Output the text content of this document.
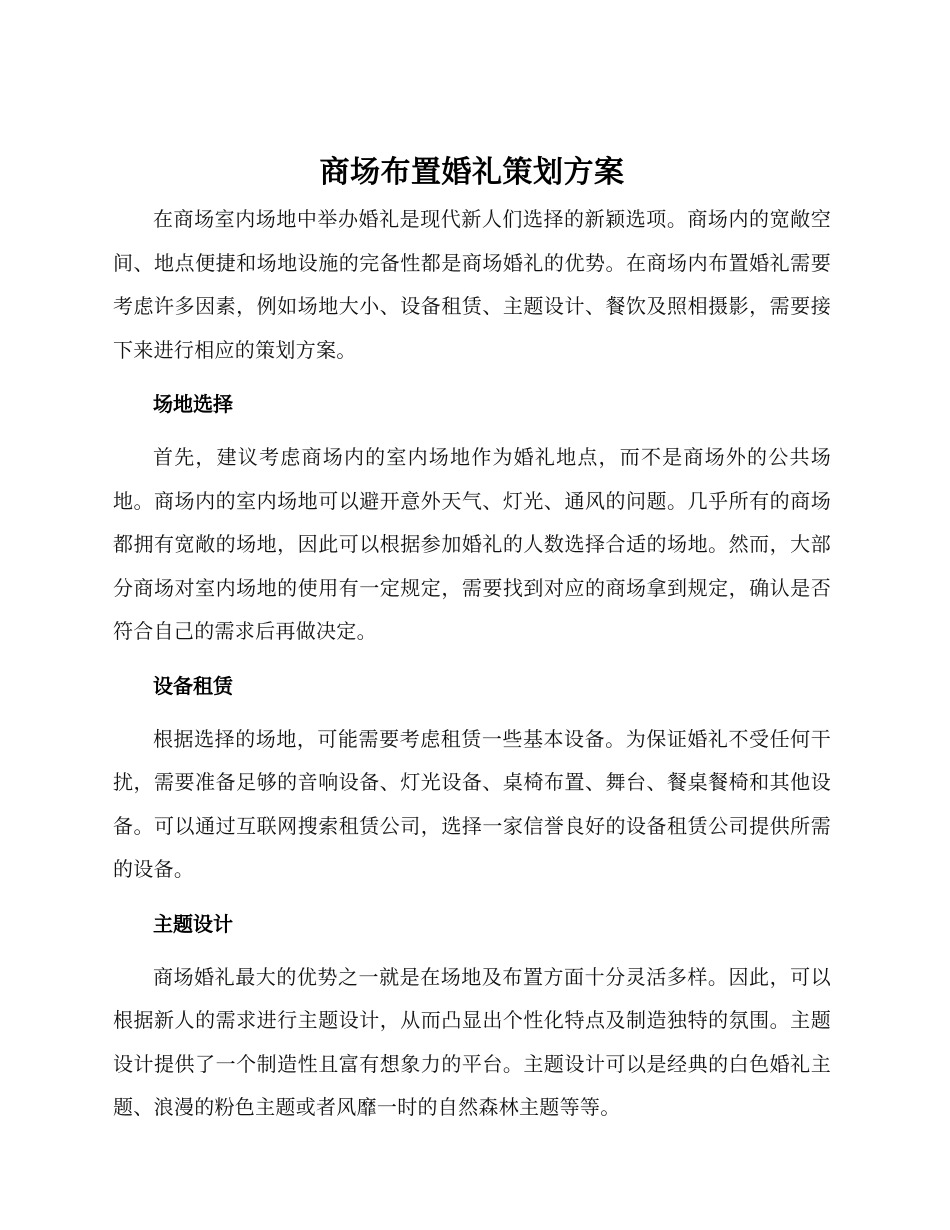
商场布置婚礼策划方案

在商场室内场地中举办婚礼是现代新人们选择的新颖选项。商场内的宽敞空间、地点便捷和场地设施的完备性都是商场婚礼的优势。在商场内布置婚礼需要考虑许多因素，例如场地大小、设备租赁、主题设计、餐饮及照相摄影，需要接下来进行相应的策划方案。

场地选择

首先，建议考虑商场内的室内场地作为婚礼地点，而不是商场外的公共场地。商场内的室内场地可以避开意外天气、灯光、通风的问题。几乎所有的商场都拥有宽敞的场地，因此可以根据参加婚礼的人数选择合适的场地。然而，大部分商场对室内场地的使用有一定规定，需要找到对应的商场拿到规定，确认是否符合自己的需求后再做决定。

设备租赁

根据选择的场地，可能需要考虑租赁一些基本设备。为保证婚礼不受任何干扰，需要准备足够的音响设备、灯光设备、桌椅布置、舞台、餐桌餐椅和其他设备。可以通过互联网搜索租赁公司，选择一家信誉良好的设备租赁公司提供所需的设备。

主题设计

商场婚礼最大的优势之一就是在场地及布置方面十分灵活多样。因此，可以根据新人的需求进行主题设计，从而凸显出个性化特点及制造独特的氛围。主题设计提供了一个制造性且富有想象力的平台。主题设计可以是经典的白色婚礼主题、浪漫的粉色主题或者风靡一时的自然森林主题等等。
